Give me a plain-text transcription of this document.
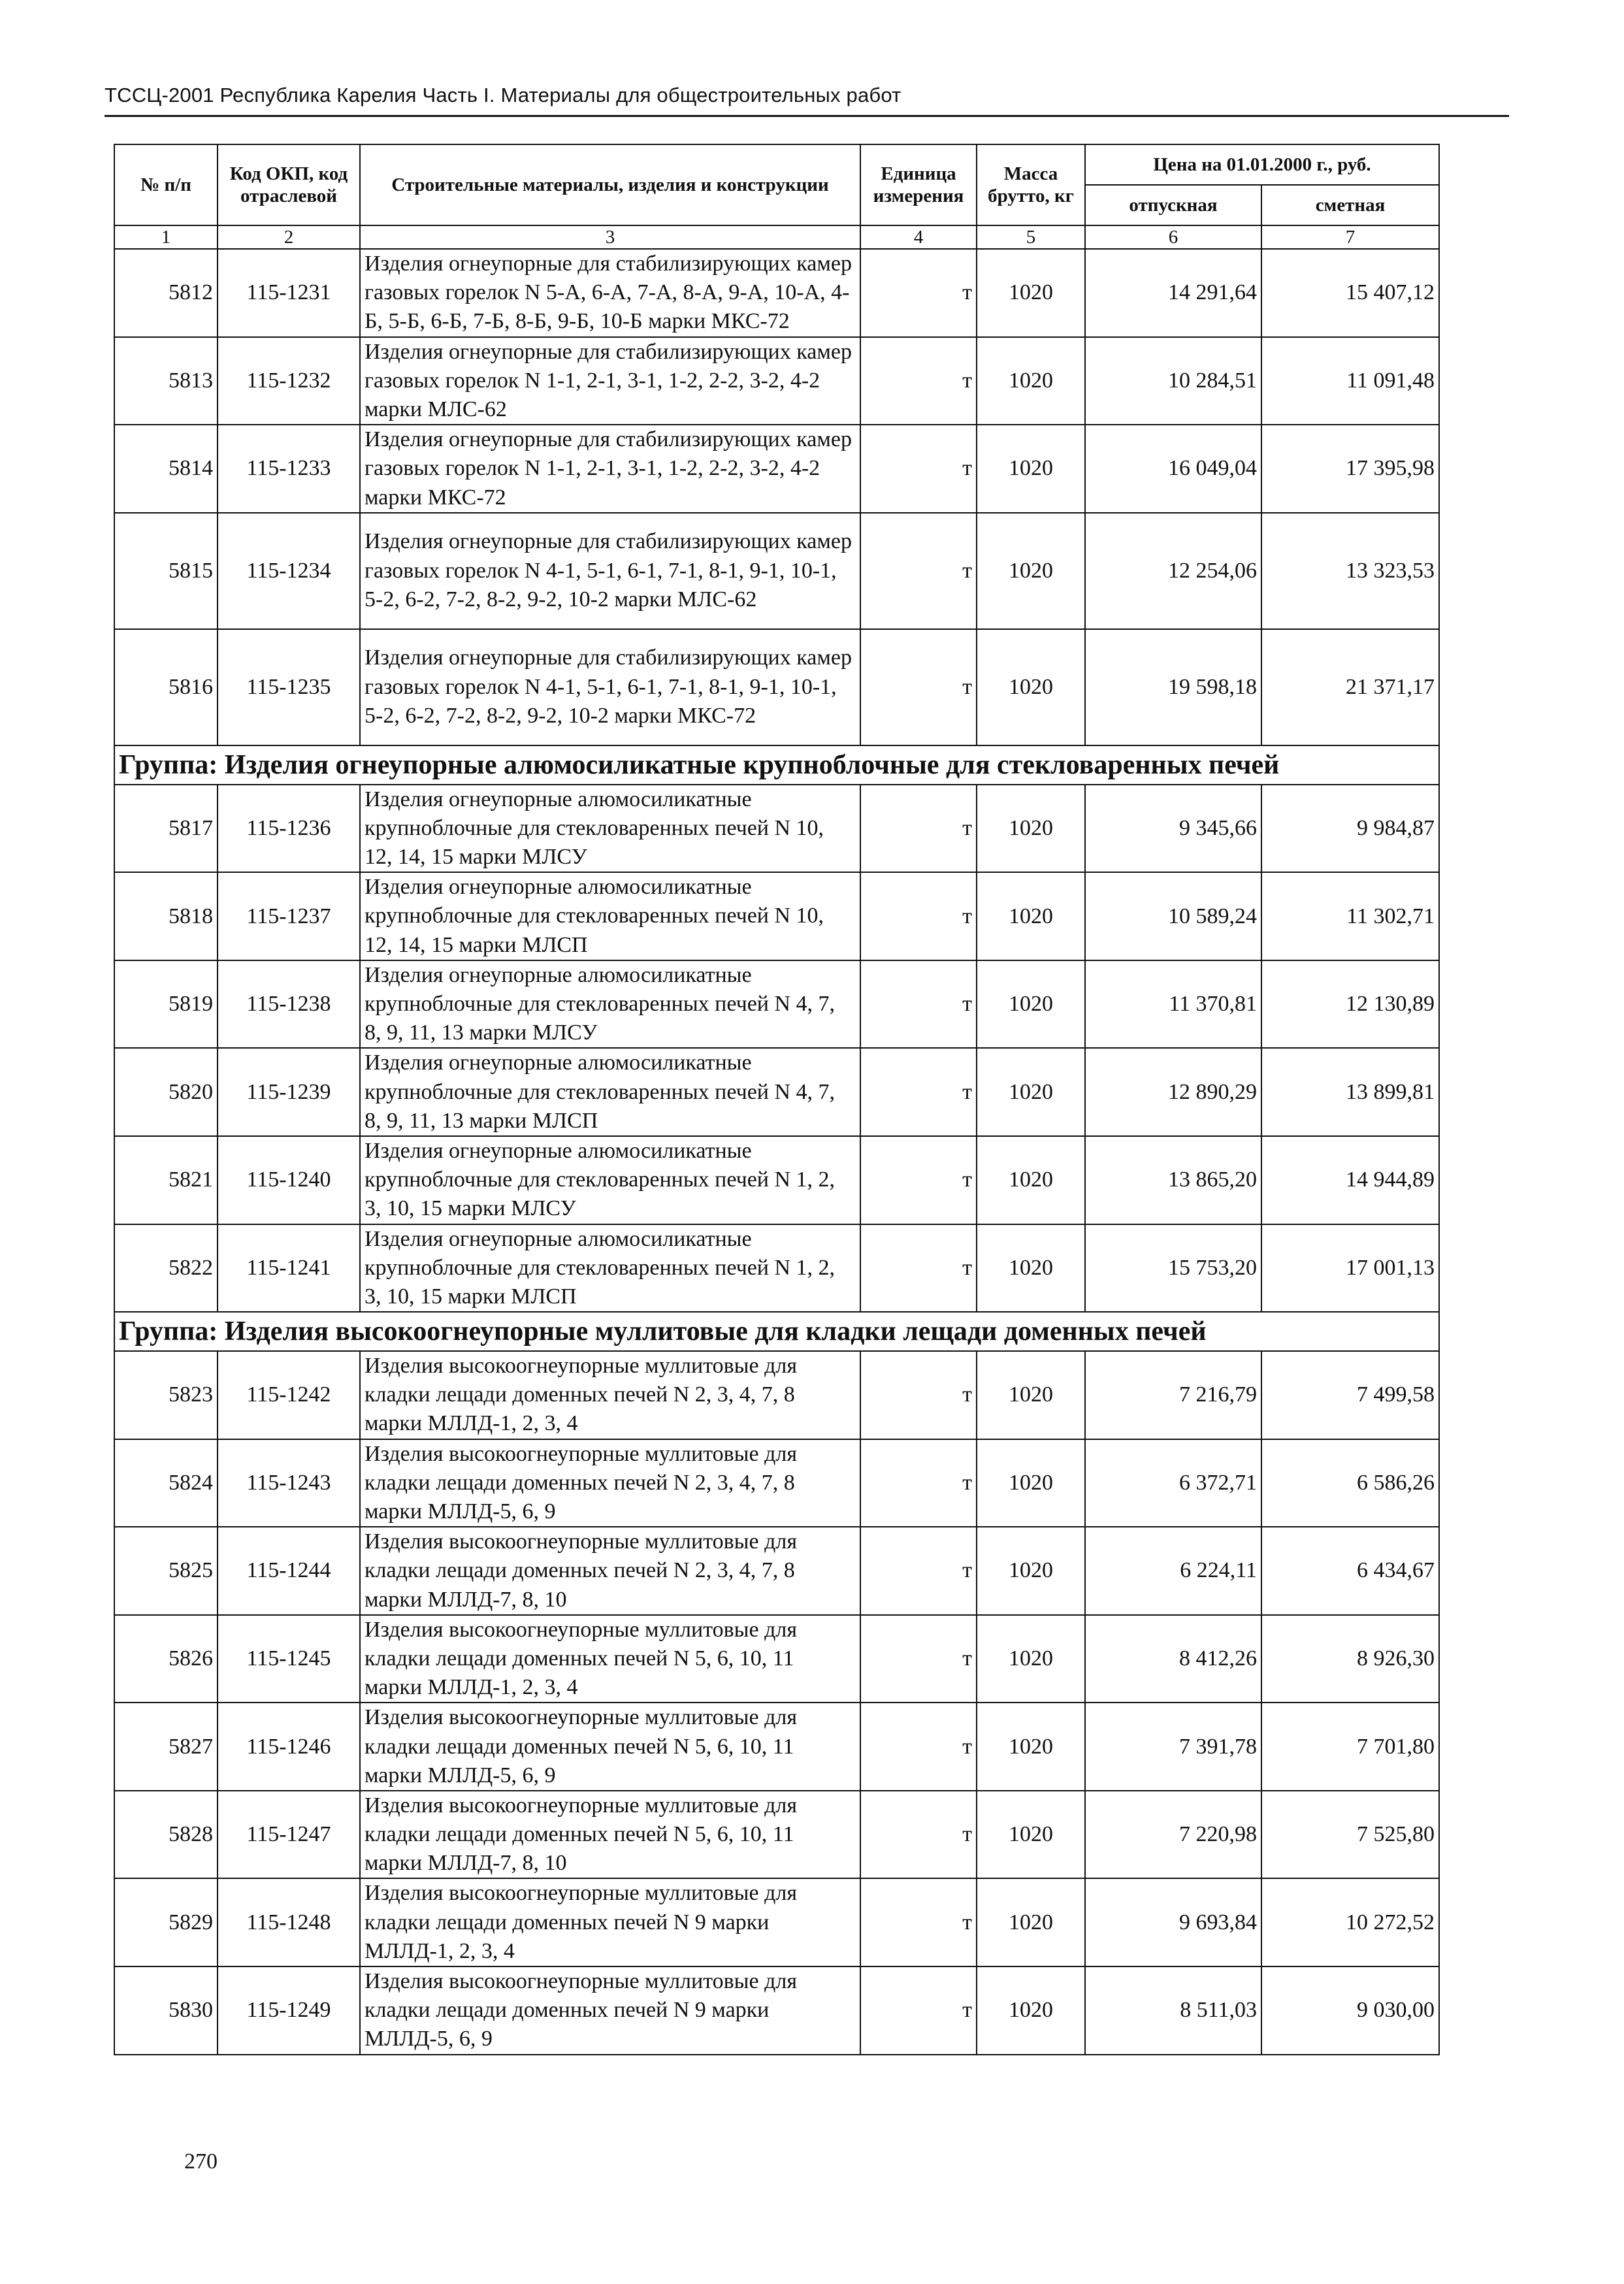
ТССЦ-2001 Республика Карелия Часть I. Материалы для общестроительных работ
№ п/п	Код ОКП, код отраслевой	Строительные материалы, изделия и конструкции	Единица измерения	Масса брутто, кг	Цена на 01.01.2000 г., руб.	
					отпускная	сметная
1	2	3	4	5	6	7
5812	115-1231	Изделия огнеупорные для стабилизирующих камер газовых горелок N 5-А, 6-А, 7-А, 8-А, 9-А, 10-А, 4-Б, 5-Б, 6-Б, 7-Б, 8-Б, 9-Б, 10-Б марки МКС-72	т	1020	14 291,64	15 407,12
5813	115-1232	Изделия огнеупорные для стабилизирующих камер газовых горелок N 1-1, 2-1, 3-1, 1-2, 2-2, 3-2, 4-2 марки МЛС-62	т	1020	10 284,51	11 091,48
5814	115-1233	Изделия огнеупорные для стабилизирующих камер газовых горелок N 1-1, 2-1, 3-1, 1-2, 2-2, 3-2, 4-2 марки МКС-72	т	1020	16 049,04	17 395,98
5815	115-1234	Изделия огнеупорные для стабилизирующих камер газовых горелок N 4-1, 5-1, 6-1, 7-1, 8-1, 9-1, 10-1, 5-2, 6-2, 7-2, 8-2, 9-2, 10-2 марки МЛС-62	т	1020	12 254,06	13 323,53
5816	115-1235	Изделия огнеупорные для стабилизирующих камер газовых горелок N 4-1, 5-1, 6-1, 7-1, 8-1, 9-1, 10-1, 5-2, 6-2, 7-2, 8-2, 9-2, 10-2 марки МКС-72	т	1020	19 598,18	21 371,17
Группа: Изделия огнеупорные алюмосиликатные крупноблочные для стекловаренных печей						
5817	115-1236	Изделия огнеупорные алюмосиликатные крупноблочные для стекловаренных печей N 10, 12, 14, 15 марки МЛСУ	т	1020	9 345,66	9 984,87
5818	115-1237	Изделия огнеупорные алюмосиликатные крупноблочные для стекловаренных печей N 10, 12, 14, 15 марки МЛСП	т	1020	10 589,24	11 302,71
5819	115-1238	Изделия огнеупорные алюмосиликатные крупноблочные для стекловаренных печей N 4, 7, 8, 9, 11, 13 марки МЛСУ	т	1020	11 370,81	12 130,89
5820	115-1239	Изделия огнеупорные алюмосиликатные крупноблочные для стекловаренных печей N 4, 7, 8, 9, 11, 13 марки МЛСП	т	1020	12 890,29	13 899,81
5821	115-1240	Изделия огнеупорные алюмосиликатные крупноблочные для стекловаренных печей N 1, 2, 3, 10, 15 марки МЛСУ	т	1020	13 865,20	14 944,89
5822	115-1241	Изделия огнеупорные алюмосиликатные крупноблочные для стекловаренных печей N 1, 2, 3, 10, 15 марки МЛСП	т	1020	15 753,20	17 001,13
Группа: Изделия высокоогнеупорные муллитовые для кладки лещади доменных печей						
5823	115-1242	Изделия высокоогнеупорные муллитовые для кладки лещади доменных печей N 2, 3, 4, 7, 8 марки МЛЛД-1, 2, 3, 4	т	1020	7 216,79	7 499,58
5824	115-1243	Изделия высокоогнеупорные муллитовые для кладки лещади доменных печей N 2, 3, 4, 7, 8 марки МЛЛД-5, 6, 9	т	1020	6 372,71	6 586,26
5825	115-1244	Изделия высокоогнеупорные муллитовые для кладки лещади доменных печей N 2, 3, 4, 7, 8 марки МЛЛД-7, 8, 10	т	1020	6 224,11	6 434,67
5826	115-1245	Изделия высокоогнеупорные муллитовые для кладки лещади доменных печей N 5, 6, 10, 11 марки МЛЛД-1, 2, 3, 4	т	1020	8 412,26	8 926,30
5827	115-1246	Изделия высокоогнеупорные муллитовые для кладки лещади доменных печей N 5, 6, 10, 11 марки МЛЛД-5, 6, 9	т	1020	7 391,78	7 701,80
5828	115-1247	Изделия высокоогнеупорные муллитовые для кладки лещади доменных печей N 5, 6, 10, 11 марки МЛЛД-7, 8, 10	т	1020	7 220,98	7 525,80
5829	115-1248	Изделия высокоогнеупорные муллитовые для кладки лещади доменных печей N 9 марки МЛЛД-1, 2, 3, 4	т	1020	9 693,84	10 272,52
5830	115-1249	Изделия высокоогнеупорные муллитовые для кладки лещади доменных печей N 9 марки МЛЛД-5, 6, 9	т	1020	8 511,03	9 030,00
270
